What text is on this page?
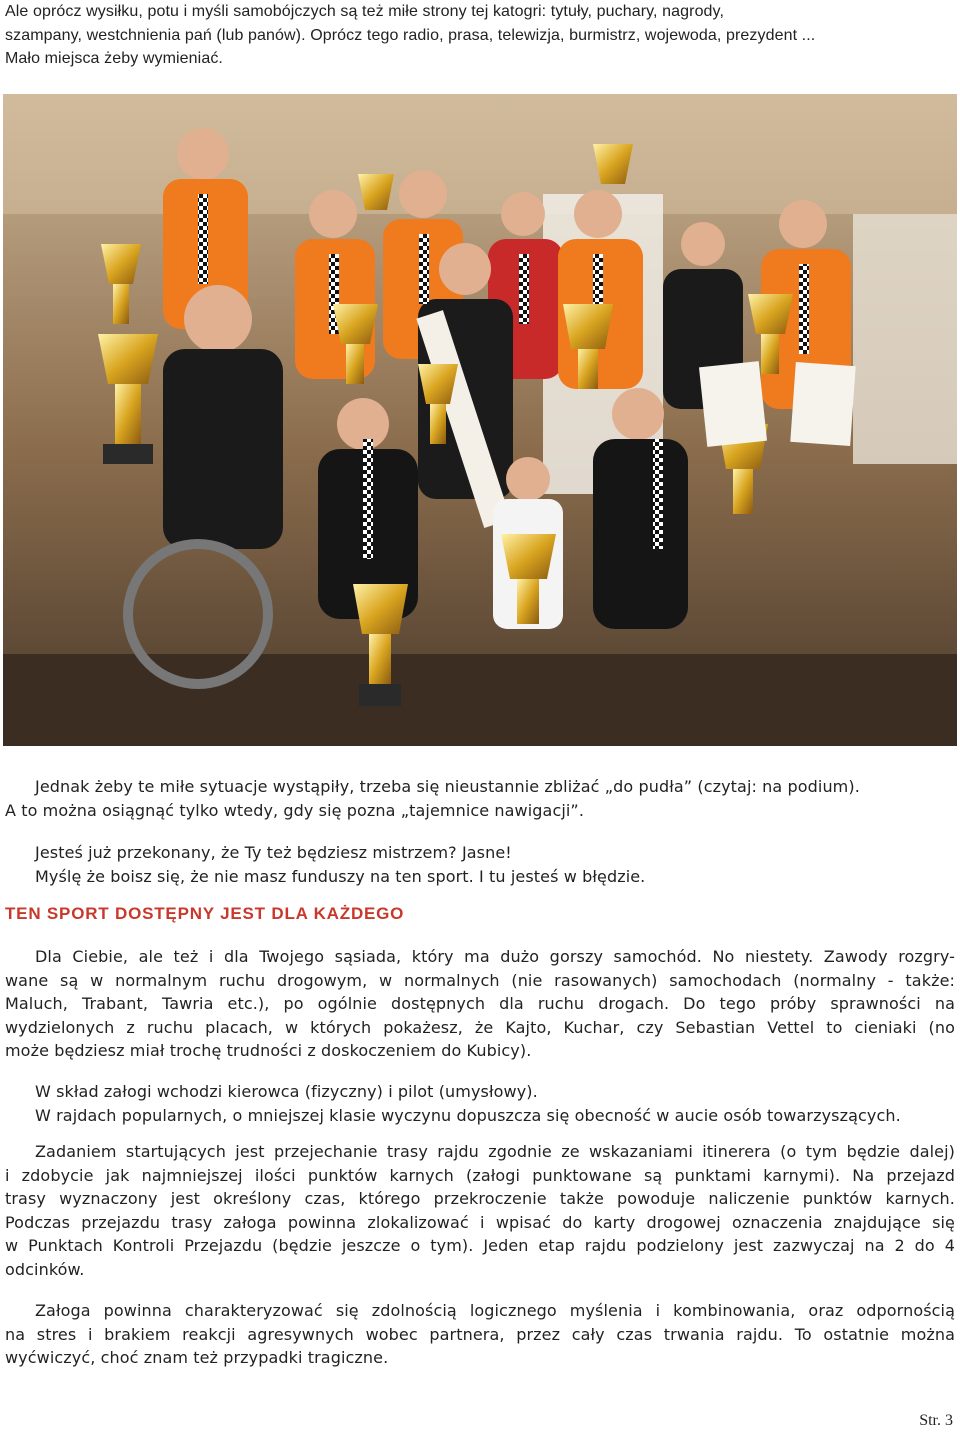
Ale oprócz wysiłku, potu i myśli samobójczych są też miłe strony tej katogri: tytuły, puchary, nagrody,
szampany, westchnienia pań (lub panów). Oprócz tego radio, prasa, telewizja, burmistrz, wojewoda, prezydent ...
Mało miejsca żeby wymieniać.

Jednak żeby te miłe sytuacje wystąpiły, trzeba się nieustannie zbliżać „do pudła” (czytaj: na podium).
A to można osiągnąć tylko wtedy, gdy się pozna „tajemnice nawigacji”.

Jesteś już przekonany, że Ty też będziesz mistrzem? Jasne!
Myślę że boisz się, że nie masz funduszy na ten sport. I tu jesteś w błędzie.

TEN SPORT DOSTĘPNY JEST DLA KAŻDEGO

Dla Ciebie, ale też i dla Twojego sąsiada, który ma dużo gorszy samochód. No niestety. Zawody rozgry-
wane są w normalnym ruchu drogowym, w normalnych (nie rasowanych) samochodach (normalny - także:
Maluch, Trabant, Tawria etc.), po ogólnie dostępnych dla ruchu drogach. Do tego próby sprawności na
wydzielonych z ruchu placach, w których pokażesz, że Kajto, Kuchar, czy Sebastian Vettel to cieniaki (no
może będziesz miał trochę trudności z doskoczeniem do Kubicy).

W skład załogi wchodzi kierowca (fizyczny) i pilot (umysłowy).
W rajdach popularnych, o mniejszej klasie wyczynu dopuszcza się obecność w aucie osób towarzyszących.

Zadaniem startujących jest przejechanie trasy rajdu zgodnie ze wskazaniami itinerera (o tym będzie dalej)
i zdobycie jak najmniejszej ilości punktów karnych (załogi punktowane są punktami karnymi). Na przejazd
trasy wyznaczony jest określony czas, którego przekroczenie także powoduje naliczenie punktów karnych.
Podczas przejazdu trasy załoga powinna zlokalizować i wpisać do karty drogowej oznaczenia znajdujące się
w Punktach Kontroli Przejazdu (będzie jeszcze o tym). Jeden etap rajdu podzielony jest zazwyczaj na 2 do 4
odcinków.

Załoga powinna charakteryzować się zdolnością logicznego myślenia i kombinowania, oraz odpornością
na stres i brakiem reakcji agresywnych wobec partnera, przez cały czas trwania rajdu. To ostatnie można
wyćwiczyć, choć znam też przypadki tragiczne.

Str. 3
